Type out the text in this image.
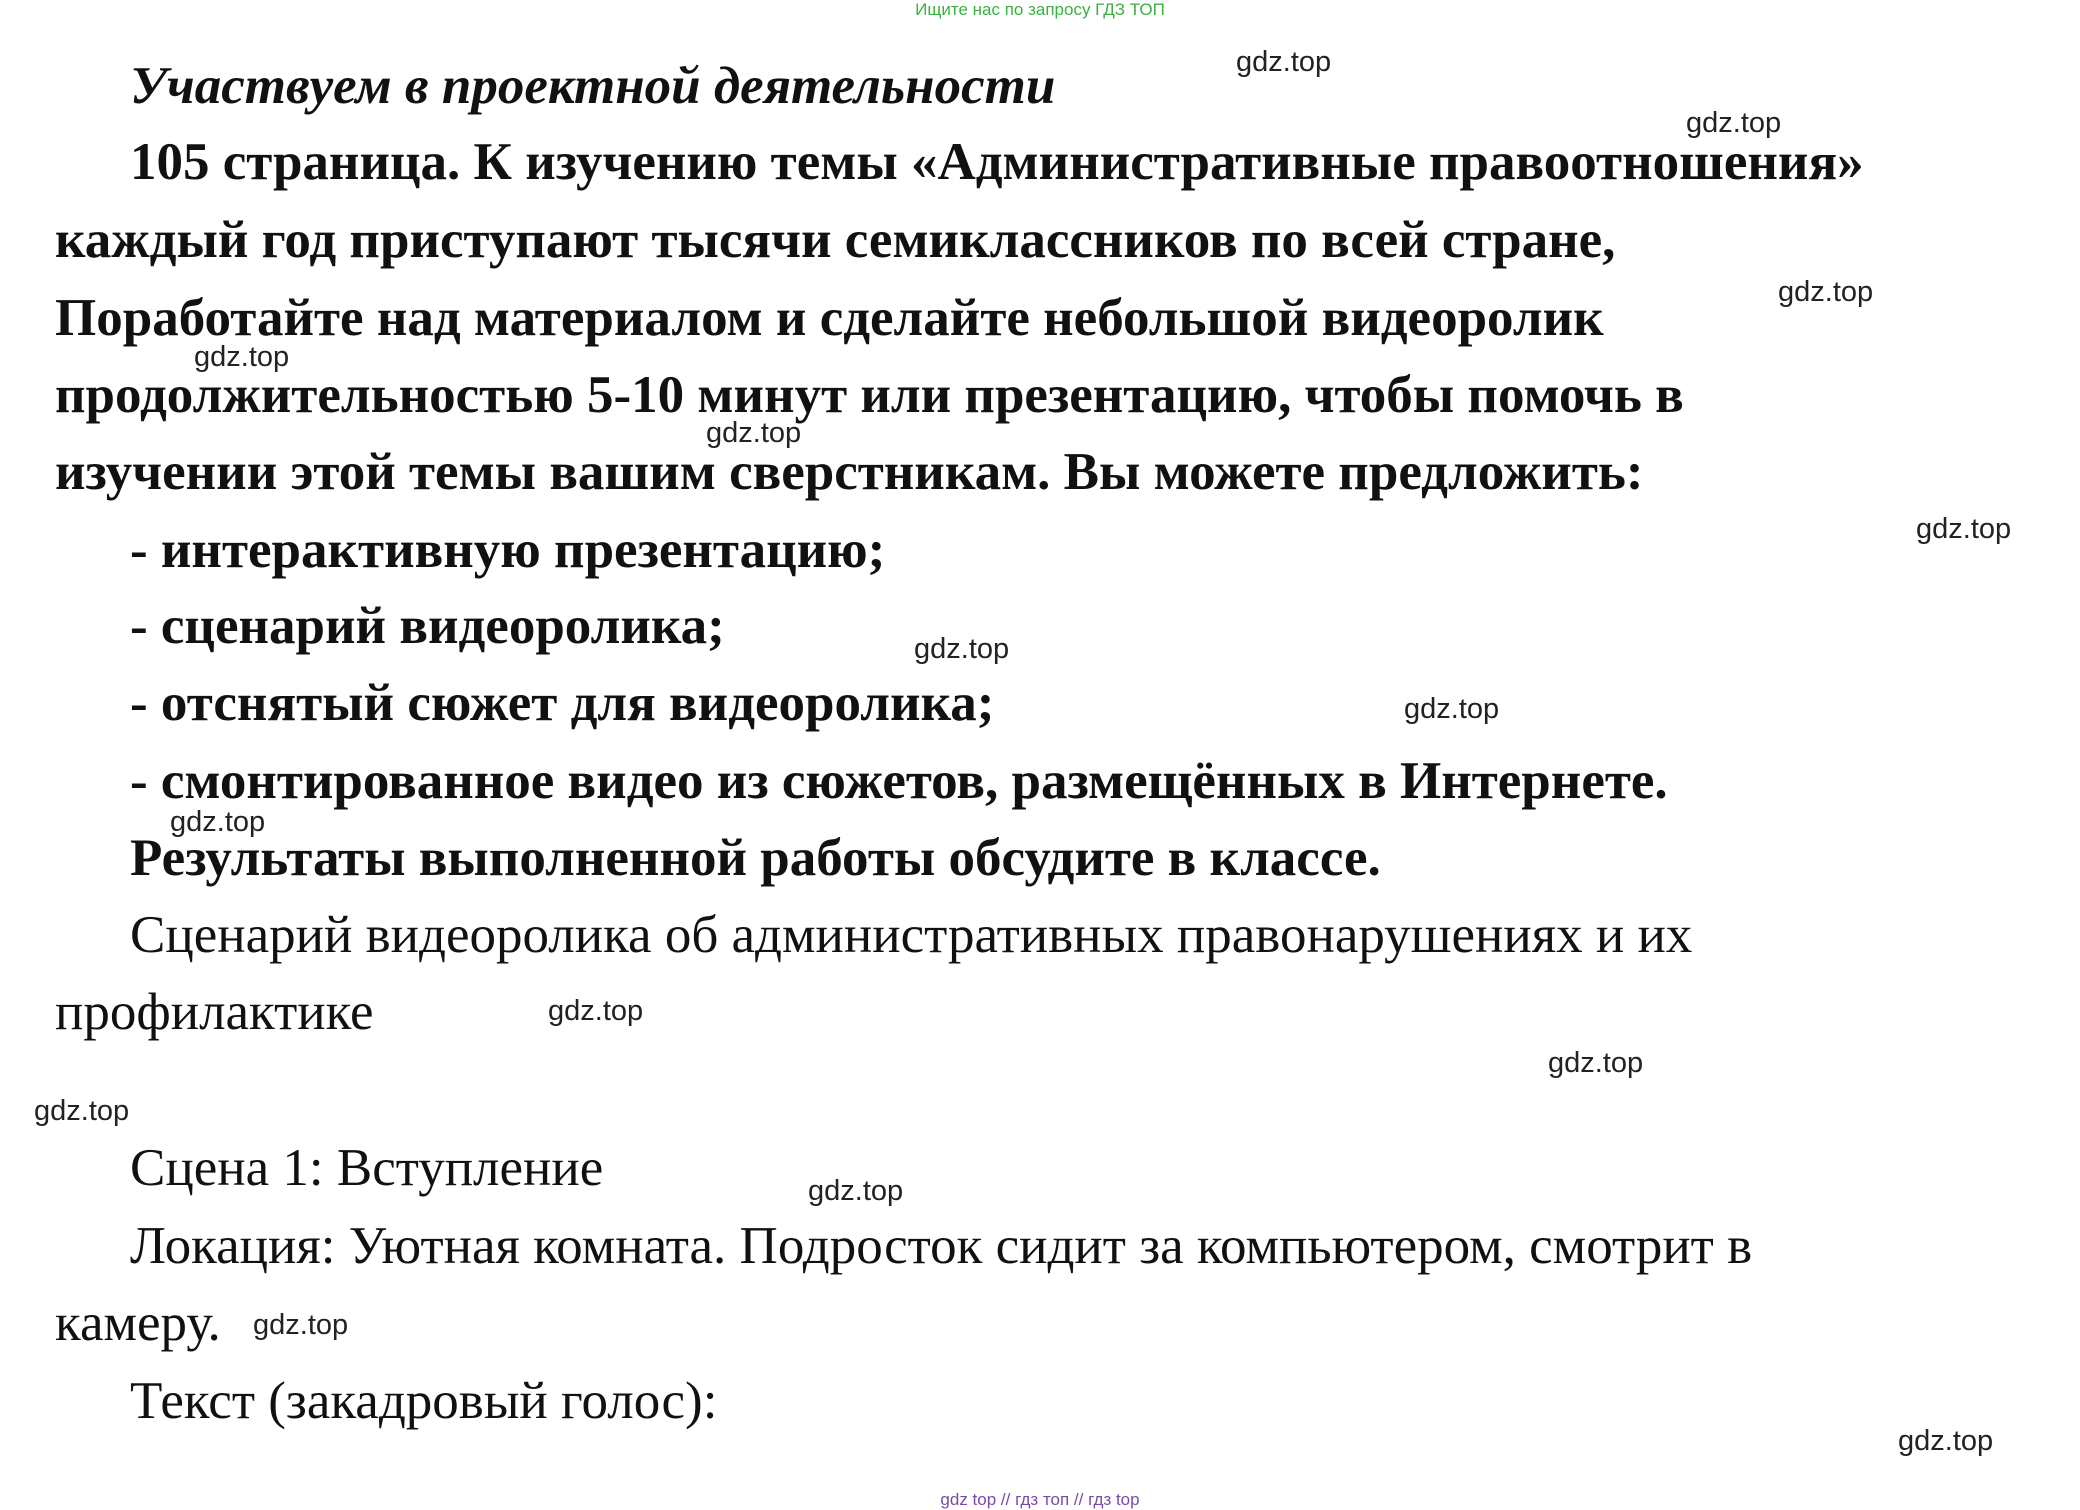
Ищите нас по запросу ГДЗ ТОП
Участвуем в проектной деятельности
105 страница. К изучению темы «Административные правоотношения»
каждый год приступают тысячи семиклассников по всей стране,
Поработайте над материалом и сделайте небольшой видеоролик
продолжительностью 5-10 минут или презентацию, чтобы помочь в
изучении этой темы вашим сверстникам. Вы можете предложить:
- интерактивную презентацию;
- сценарий видеоролика;
- отснятый сюжет для видеоролика;
- смонтированное видео из сюжетов, размещённых в Интернете.
Результаты выполненной работы обсудите в классе.
Сценарий видеоролика об административных правонарушениях и их
профилактике
Сцена 1: Вступление
Локация: Уютная комната. Подросток сидит за компьютером, смотрит в
камеру.
Текст (закадровый голос):
gdz.top
gdz.top
gdz.top
gdz.top
gdz.top
gdz.top
gdz.top
gdz.top
gdz.top
gdz.top
gdz.top
gdz.top
gdz.top
gdz.top
gdz.top
gdz top // гдз топ // гдз top
